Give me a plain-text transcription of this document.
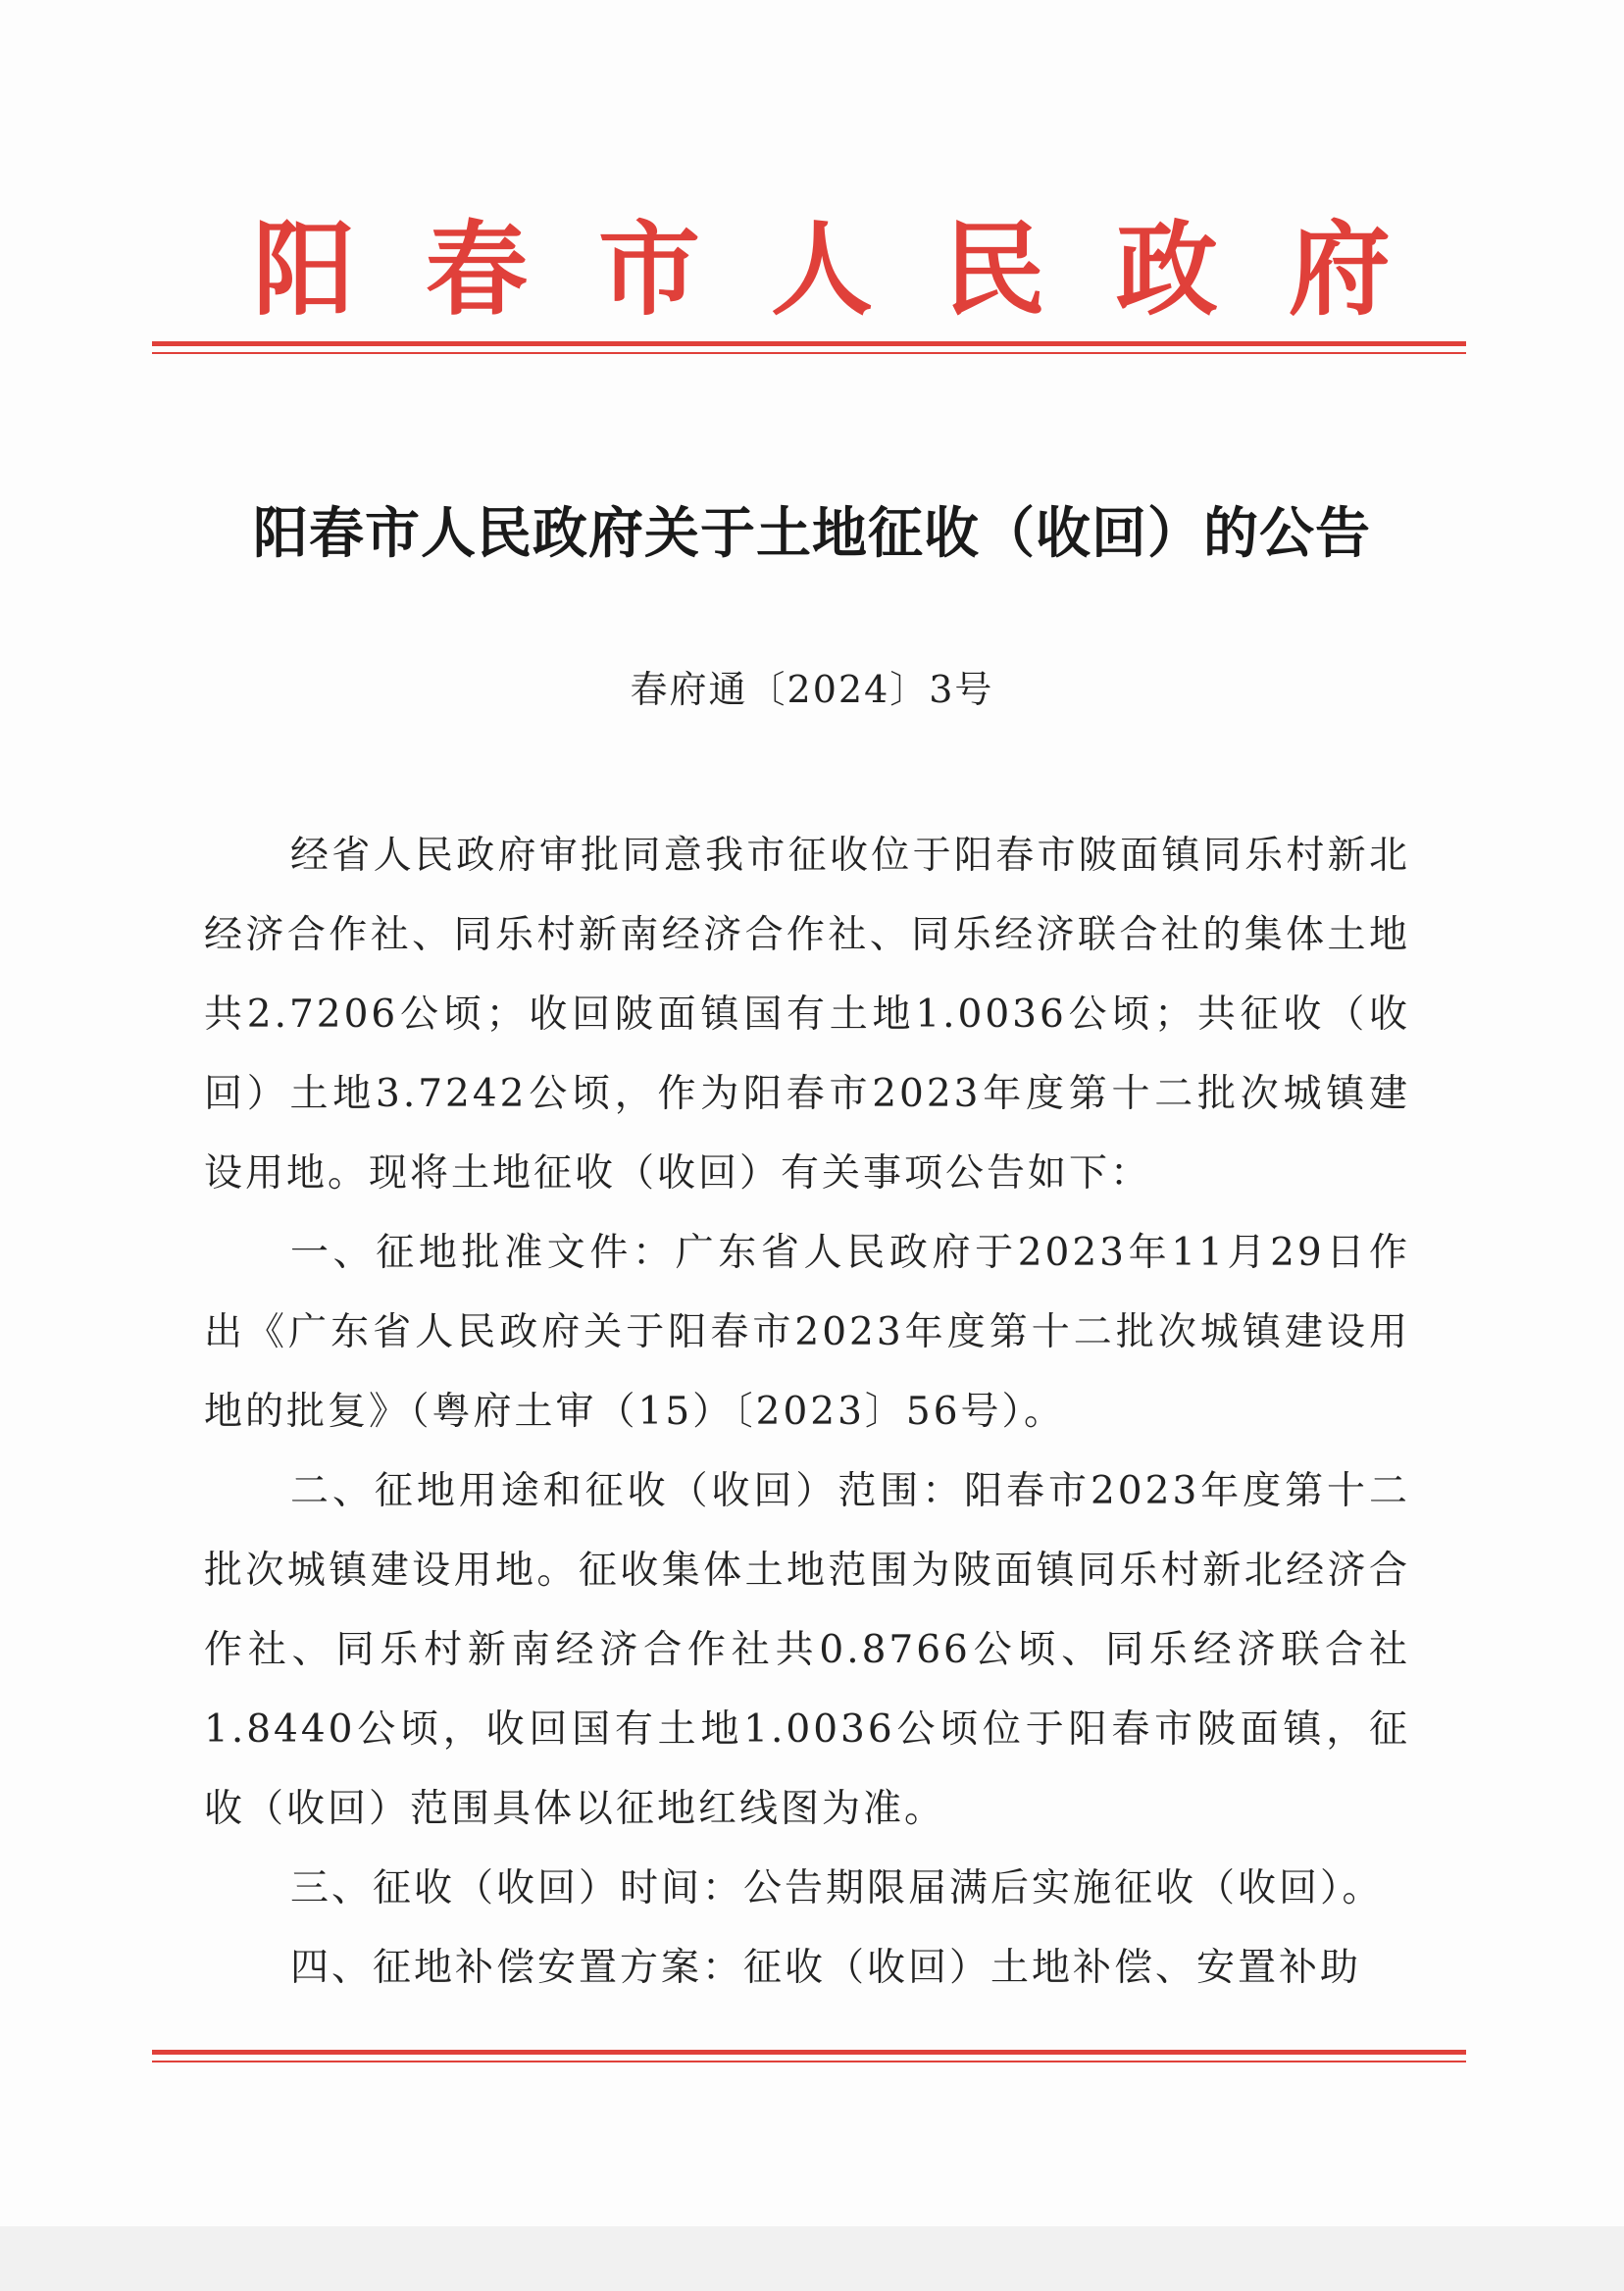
阳 春 市 人 民 政 府
阳春市人民政府关于土地征收（收回）的公告
春府通〔2024〕3号

经省人民政府审批同意我市征收位于阳春市陂面镇同乐村新北经济合作社、同乐村新南经济合作社、同乐经济联合社的集体土地共2.7206公顷；收回陂面镇国有土地1.0036公顷；共征收（收回）土地3.7242公顷，作为阳春市2023年度第十二批次城镇建设用地。现将土地征收（收回）有关事项公告如下：

一、征地批准文件：广东省人民政府于2023年11月29日作出《广东省人民政府关于阳春市2023年度第十二批次城镇建设用地的批复》（粤府土审（15）〔2023〕56号）。

二、征地用途和征收（收回）范围：阳春市2023年度第十二批次城镇建设用地。征收集体土地范围为陂面镇同乐村新北经济合作社、同乐村新南经济合作社共0.8766公顷、同乐经济联合社1.8440公顷，收回国有土地1.0036公顷位于阳春市陂面镇，征收（收回）范围具体以征地红线图为准。

三、征收（收回）时间：公告期限届满后实施征收（收回）。

四、征地补偿安置方案：征收（收回）土地补偿、安置补助
